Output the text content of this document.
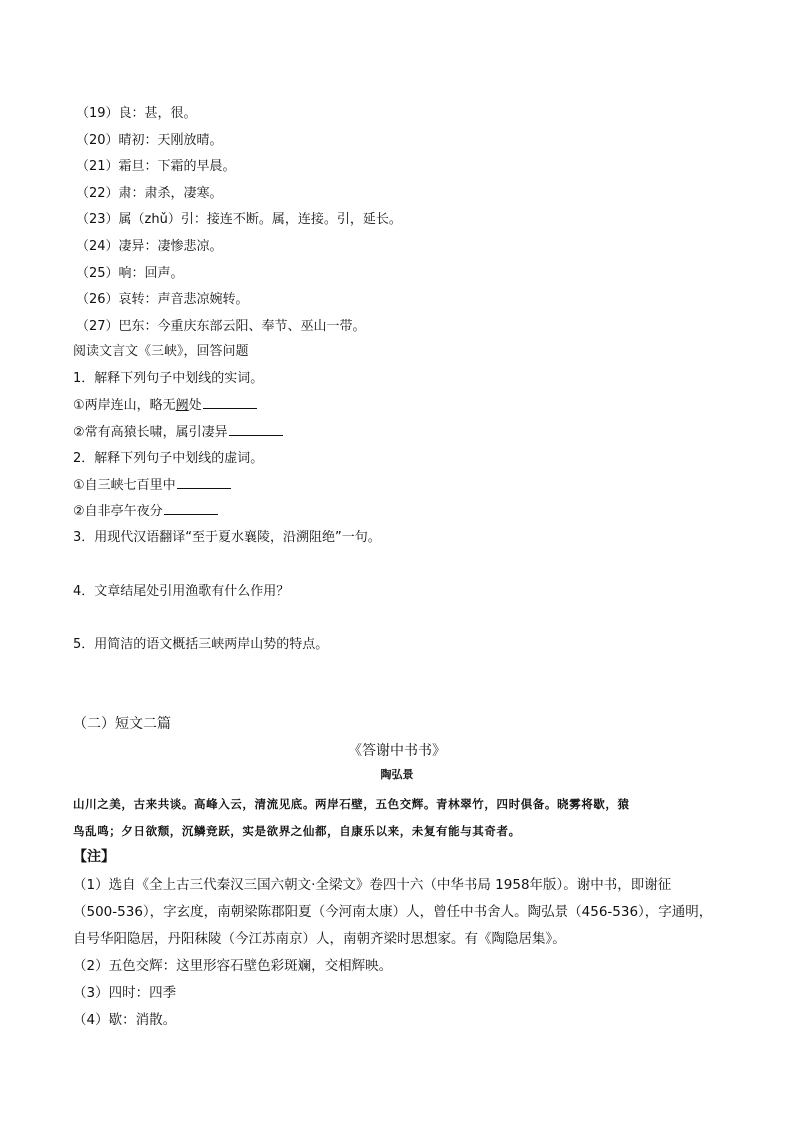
（19）良：甚，很。
（20）晴初：天刚放晴。
（21）霜旦：下霜的早晨。
（22）肃：肃杀，凄寒。
（23）属（zhǔ）引：接连不断。属，连接。引，延长。
（24）凄异：凄惨悲凉。
（25）响：回声。
（26）哀转：声音悲凉婉转。
（27）巴东：今重庆东部云阳、奉节、巫山一带。
阅读文言文《三峡》，回答问题
1．解释下列句子中划线的实词。
①两岸连山，略无阙处
②常有高猿长啸，属引凄异
2．解释下列句子中划线的虚词。
①自三峡七百里中
②自非亭午夜分
3．用现代汉语翻译“至于夏水襄陵，沿溯阻绝”一句。
4．文章结尾处引用渔歌有什么作用？
5．用简洁的语文概括三峡两岸山势的特点。
（二）短文二篇
《答谢中书书》
陶弘景
山川之美，古来共谈。高峰入云，清流见底。两岸石壁，五色交辉。青林翠竹，四时俱备。晓雾将歇，猿
鸟乱鸣；夕日欲颓，沉鳞竞跃，实是欲界之仙都，自康乐以来，未复有能与其奇者。
【注】
（1）选自《全上古三代秦汉三国六朝文·全梁文》卷四十六（中华书局 1958年版）。谢中书，即谢征
（500-536），字玄度，南朝梁陈郡阳夏（今河南太康）人，曾任中书舍人。陶弘景（456-536），字通明，
自号华阳隐居，丹阳秣陵（今江苏南京）人，南朝齐梁时思想家。有《陶隐居集》。
（2）五色交辉：这里形容石壁色彩斑斓，交相辉映。
（3）四时：四季
（4）歇：消散。
